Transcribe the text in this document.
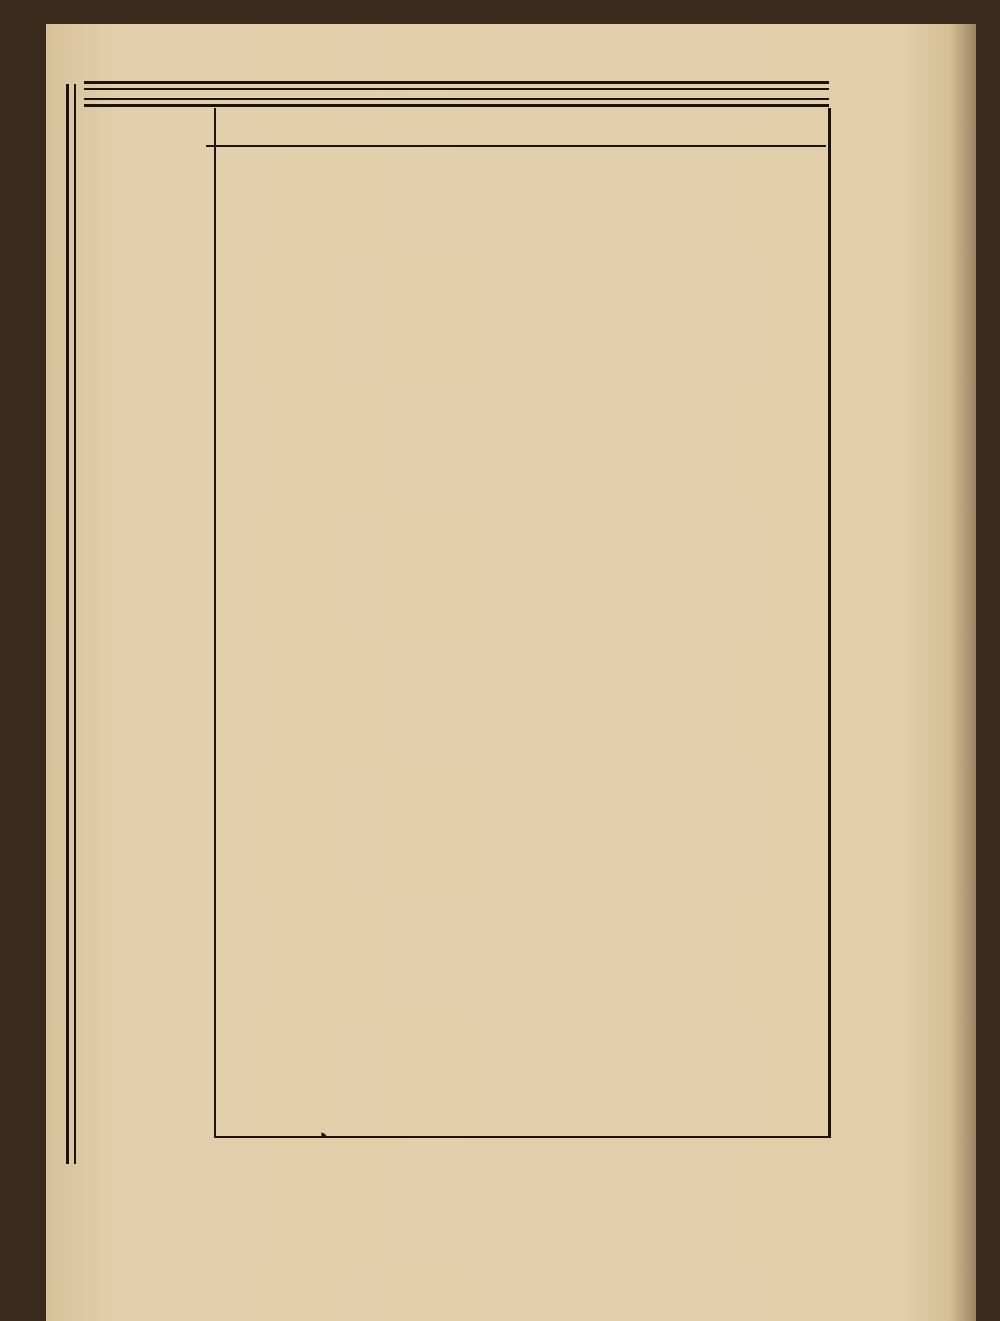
‣
